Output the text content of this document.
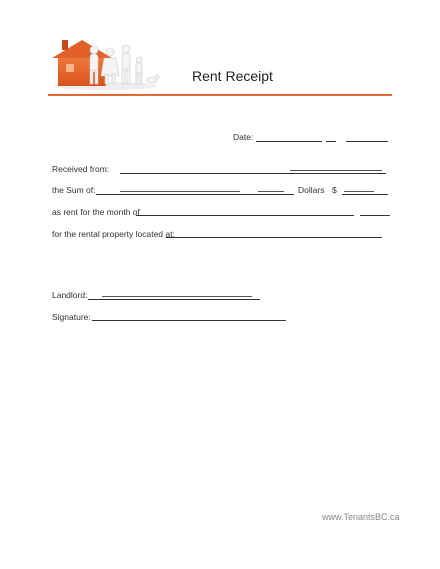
Rent Receipt
Date:
Received from:
the Sum of:	Dollars $
as rent for the month of
for the rental property located at:
Landlord:
Signature:
www.TenantsBC.ca
